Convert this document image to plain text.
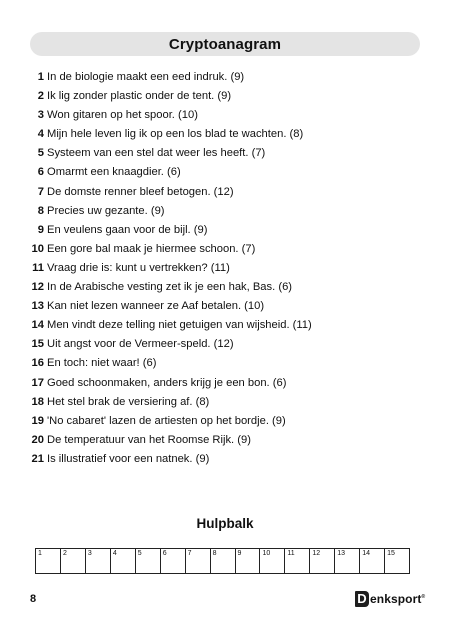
Cryptoanagram
1 In de biologie maakt een eed indruk. (9)
2 Ik lig zonder plastic onder de tent. (9)
3 Won gitaren op het spoor. (10)
4 Mijn hele leven lig ik op een los blad te wachten. (8)
5 Systeem van een stel dat weer les heeft. (7)
6 Omarmt een knaagdier. (6)
7 De domste renner bleef betogen. (12)
8 Precies uw gezante. (9)
9 En veulens gaan voor de bijl. (9)
10 Een gore bal maak je hiermee schoon. (7)
11 Vraag drie is: kunt u vertrekken? (11)
12 In de Arabische vesting zet ik je een hak, Bas. (6)
13 Kan niet lezen wanneer ze Aaf betalen. (10)
14 Men vindt deze telling niet getuigen van wijsheid. (11)
15 Uit angst voor de Vermeer-speld. (12)
16 En toch: niet waar! (6)
17 Goed schoonmaken, anders krijg je een bon. (6)
18 Het stel brak de versiering af. (8)
19 'No cabaret' lazen de artiesten op het bordje. (9)
20 De temperatuur van het Roomse Rijk. (9)
21 Is illustratief voor een natnek. (9)
Hulpbalk
1	2	3	4	5	6	7	8	9	10 11	12 13 14 15
8	D enksport®
